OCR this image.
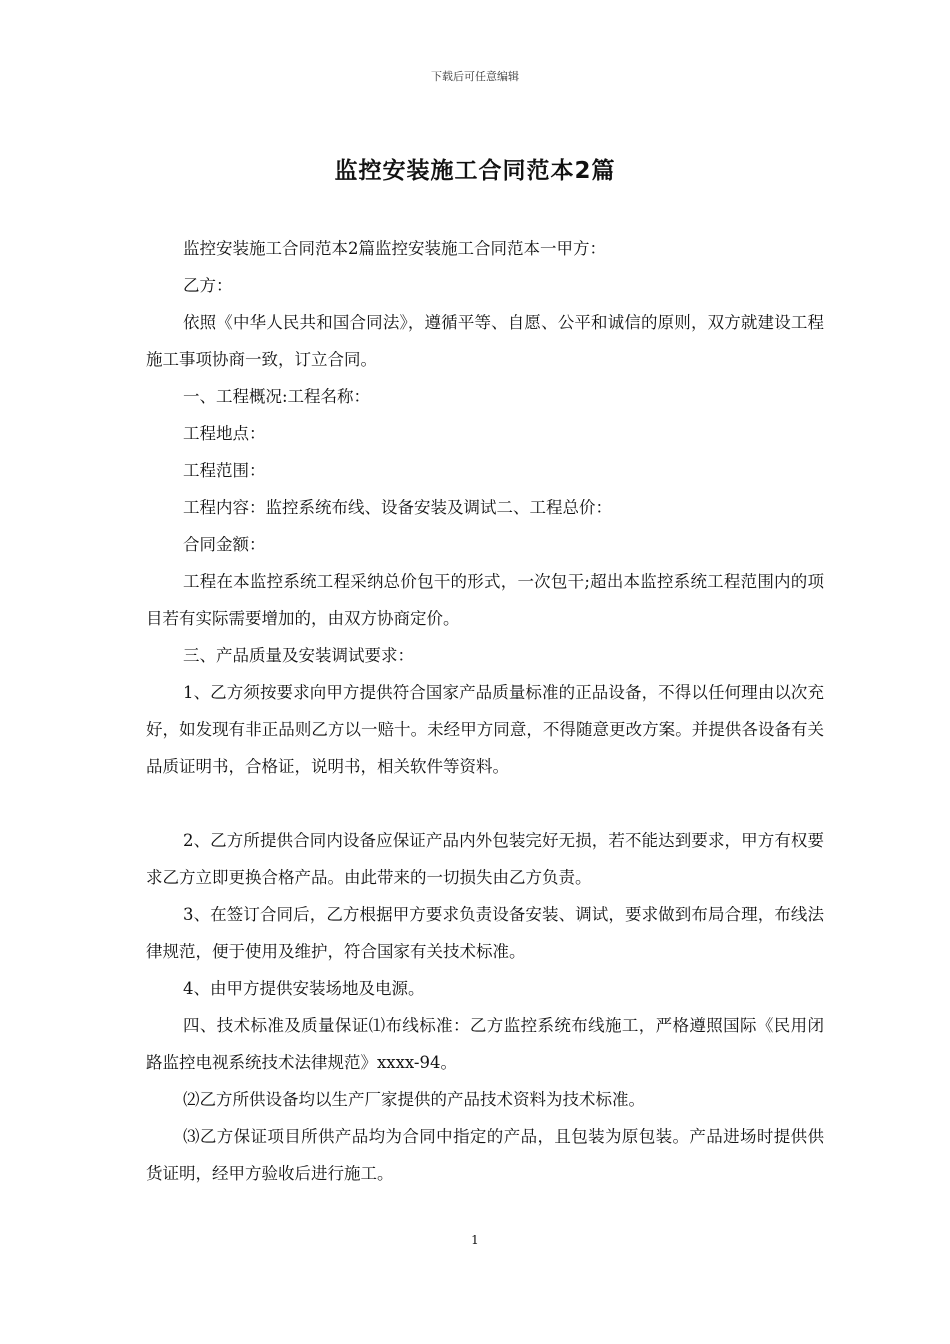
下载后可任意编辑
监控安装施工合同范本2篇

监控安装施工合同范本2篇监控安装施工合同范本一甲方：

乙方：

依照《中华人民共和国合同法》，遵循平等、自愿、公平和诚信的原则，双方就建设工程施工事项协商一致，订立合同。

一、工程概况:工程名称：

工程地点：

工程范围：

工程内容：监控系统布线、设备安装及调试二、工程总价：

合同金额：

工程在本监控系统工程采纳总价包干的形式，一次包干;超出本监控系统工程范围内的项目若有实际需要增加的，由双方协商定价。

三、产品质量及安装调试要求：

1、乙方须按要求向甲方提供符合国家产品质量标准的正品设备，不得以任何理由以次充好，如发现有非正品则乙方以一赔十。未经甲方同意，不得随意更改方案。并提供各设备有关品质证明书，合格证，说明书，相关软件等资料。

2、乙方所提供合同内设备应保证产品内外包装完好无损，若不能达到要求，甲方有权要求乙方立即更换合格产品。由此带来的一切损失由乙方负责。

3、在签订合同后，乙方根据甲方要求负责设备安装、调试，要求做到布局合理，布线法律规范，便于使用及维护，符合国家有关技术标准。

4、由甲方提供安装场地及电源。

四、技术标准及质量保证⑴布线标准：乙方监控系统布线施工，严格遵照国际《民用闭路监控电视系统技术法律规范》xxxx-94。

⑵乙方所供设备均以生产厂家提供的产品技术资料为技术标准。

⑶乙方保证项目所供产品均为合同中指定的产品，且包装为原包装。产品进场时提供供货证明，经甲方验收后进行施工。

1
